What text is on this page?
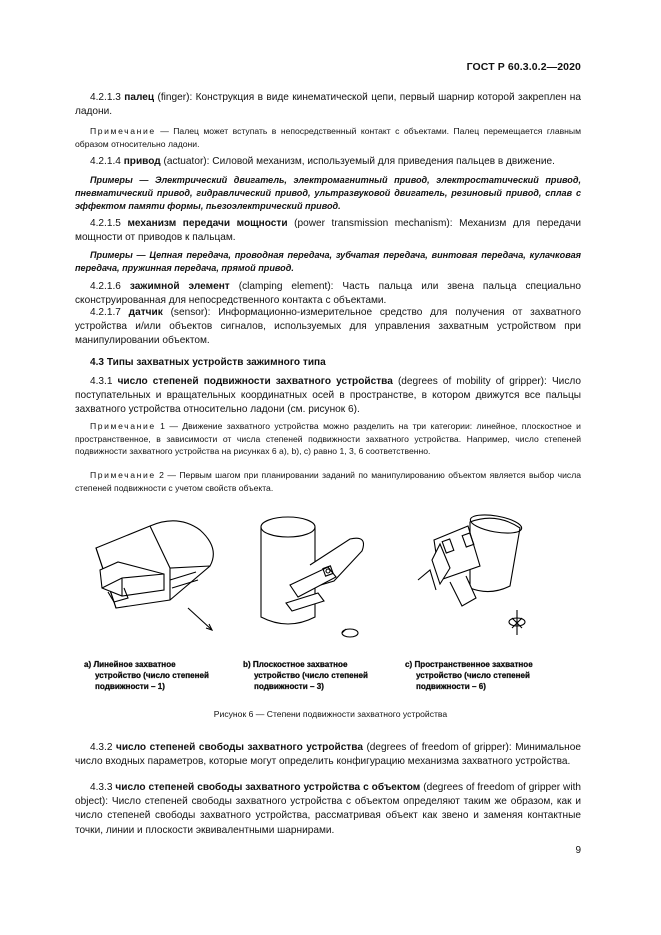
ГОСТ Р 60.3.0.2—2020
4.2.1.3 палец (finger): Конструкция в виде кинематической цепи, первый шарнир которой закреплен на ладони.
Примечание — Палец может вступать в непосредственный контакт с объектами. Палец перемещается главным образом относительно ладони.
4.2.1.4 привод (actuator): Силовой механизм, используемый для приведения пальцев в движение.
Примеры — Электрический двигатель, электромагнитный привод, электростатический привод, пневматический привод, гидравлический привод, ультразвуковой двигатель, резиновый привод, сплав с эффектом памяти формы, пьезоэлектрический привод.
4.2.1.5 механизм передачи мощности (power transmission mechanism): Механизм для передачи мощности от приводов к пальцам.
Примеры — Цепная передача, проводная передача, зубчатая передача, винтовая передача, кулачковая передача, пружинная передача, прямой привод.
4.2.1.6 зажимной элемент (clamping element): Часть пальца или звена пальца специально сконструированная для непосредственного контакта с объектами.
4.2.1.7 датчик (sensor): Информационно-измерительное средство для получения от захватного устройства и/или объектов сигналов, используемых для управления захватным устройством при манипулировании объектом.
4.3 Типы захватных устройств зажимного типа
4.3.1 число степеней подвижности захватного устройства (degrees of mobility of gripper): Число поступательных и вращательных координатных осей в пространстве, в котором движутся все пальцы захватного устройства относительно ладони (см. рисунок 6).
Примечание 1 — Движение захватного устройства можно разделить на три категории: линейное, плоскостное и пространственное, в зависимости от числа степеней подвижности захватного устройства. Например, число степеней подвижности захватного устройства на рисунках 6 а), b), с) равно 1, 3, 6 соответственно.
Примечание 2 — Первым шагом при планировании заданий по манипулированию объектом является выбор числа степеней подвижности с учетом свойств объекта.
a) Линейное захватное
устройство (число степеней
подвижности – 1)
b) Плоскостное захватное
устройство (число степеней
подвижности – 3)
c) Пространственное захватное
устройство (число степеней
подвижности – 6)
Рисунок 6 — Степени подвижности захватного устройства
4.3.2 число степеней свободы захватного устройства (degrees of freedom of gripper): Минимальное число входных параметров, которые могут определить конфигурацию механизма захватного устройства.
4.3.3 число степеней свободы захватного устройства с объектом (degrees of freedom of gripper with object): Число степеней свободы захватного устройства с объектом определяют таким же образом, как и число степеней свободы захватного устройства, рассматривая объект как звено и заменяя контактные точки, линии и плоскости эквивалентными шарнирами.
9
